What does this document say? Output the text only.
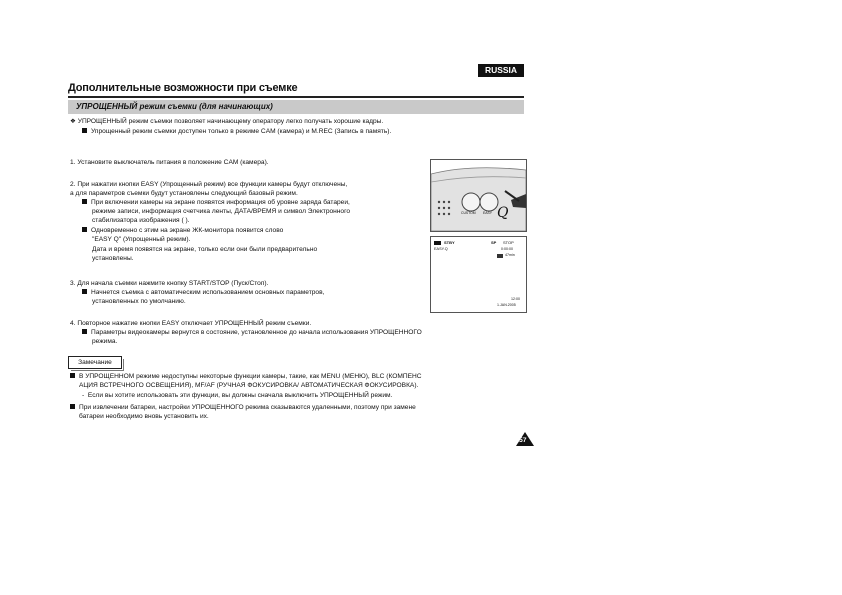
RUSSIA
Дополнительные возможности при съемке
УПРОЩЕННЫЙ режим съемки (для начинающих)
❖ УПРОЩЕННЫЙ режим съемки позволяет начинающему оператору легко получать хорошие кадры.
Упрощенный режим съемки доступен только в режиме CAM (камера) и M.REC (Запись в память).
1. Установите выключатель питания в положение CAM (камера).
2. При нажатии кнопки EASY (Упрощенный режим) все функции камеры будут отключены,
а для параметров съемки будут установлены следующий базовый режим.
При включении камеры на экране появятся информация об уровне заряда батареи,
режиме записи, информация счетчика ленты, ДАТА/ВРЕМЯ и символ Электронного
стабилизатора изображения ( ).
Одновременно с этим на экране ЖК-монитора появится слово
"EASY Q" (Упрощенный режим).
Дата и время появятся на экране, только если они были предварительно
установлены.
3. Для начала съемки нажмите кнопку START/STOP (Пуск/Стоп).
Начнется съемка с автоматическим использованием основных параметров,
установленных по умолчанию.
4. Повторное нажатие кнопки EASY отключает УПРОЩЕННЫЙ режим съемки.
Параметры видеокамеры вернутся в состояние, установленное до начала использования УПРОЩЕННОГО
режима.
Замечание
В УПРОЩЕННОМ режиме недоступны некоторые функции камеры, такие, как MENU (МЕНЮ), BLC (КОМПЕНС
АЦИЯ ВСТРЕЧНОГО ОСВЕЩЕНИЯ), MF/AF (РУЧНАЯ ФОКУСИРОВКА/ АВТОМАТИЧЕСКАЯ ФОКУСИРОВКА).
-  Если вы хотите использовать эти функции, вы должны сначала выключить УПРОЩЕННЫЙ режим.
При извлечении батареи, настройки УПРОЩЕННОГО режима сказываются удаленными, поэтому при замене
батареи необходимо вновь установить их.
CUSTOM EASY Q
STBY	SP STOP
EASY.Q	0:00:00
47min
12:00
1.JAN.2005
57
